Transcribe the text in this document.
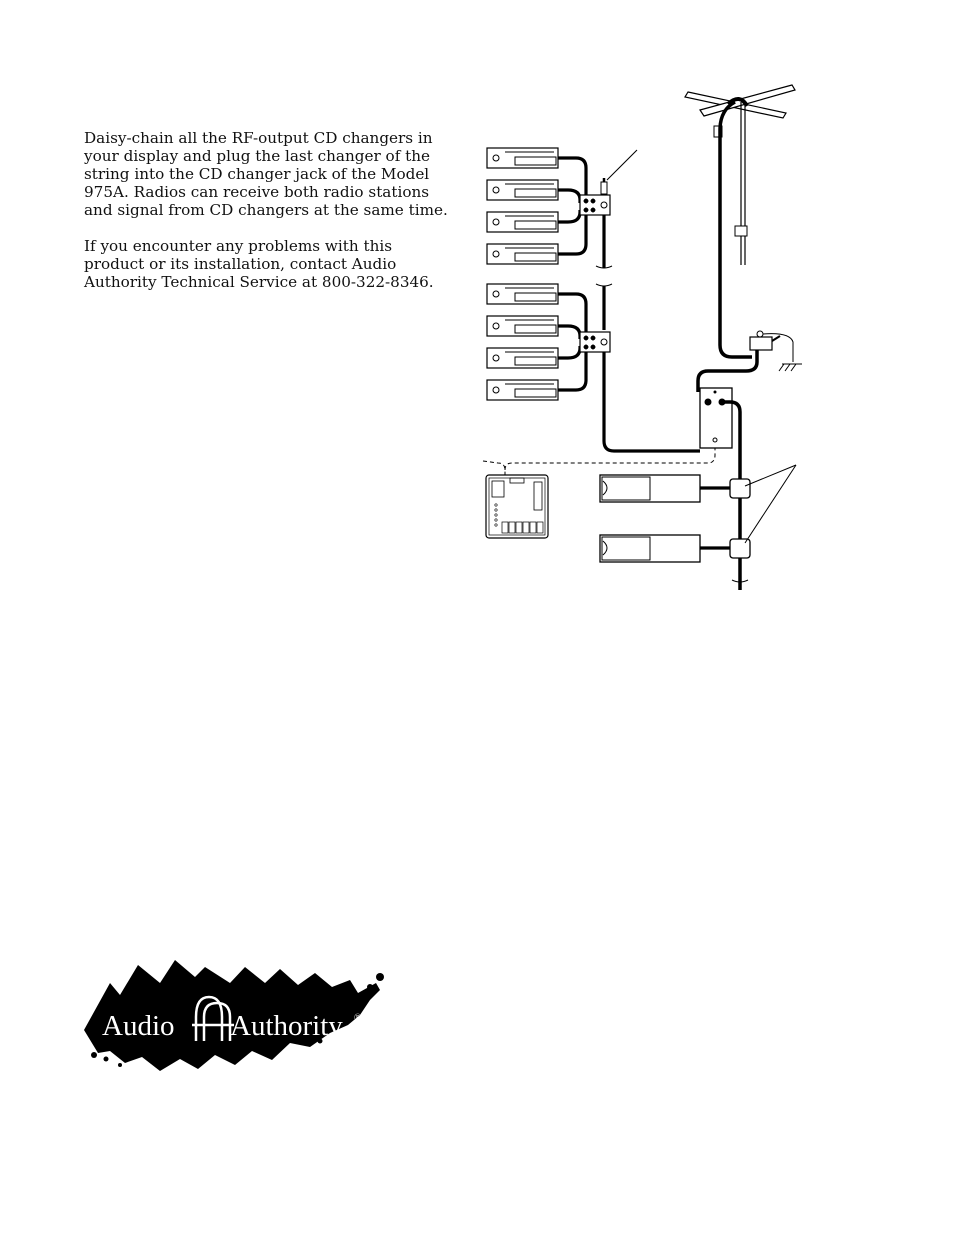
Daisy-chain all the RF-output CD changers in your display and plug the last changer of the string into the CD changer jack of the Model 975A. Radios can receive both radio stations and signal from CD changers at the same time.

If you encounter any problems with this product or its installation, contact Audio Authority Technical Service at 800-322-8346.

Audio Authority ®
